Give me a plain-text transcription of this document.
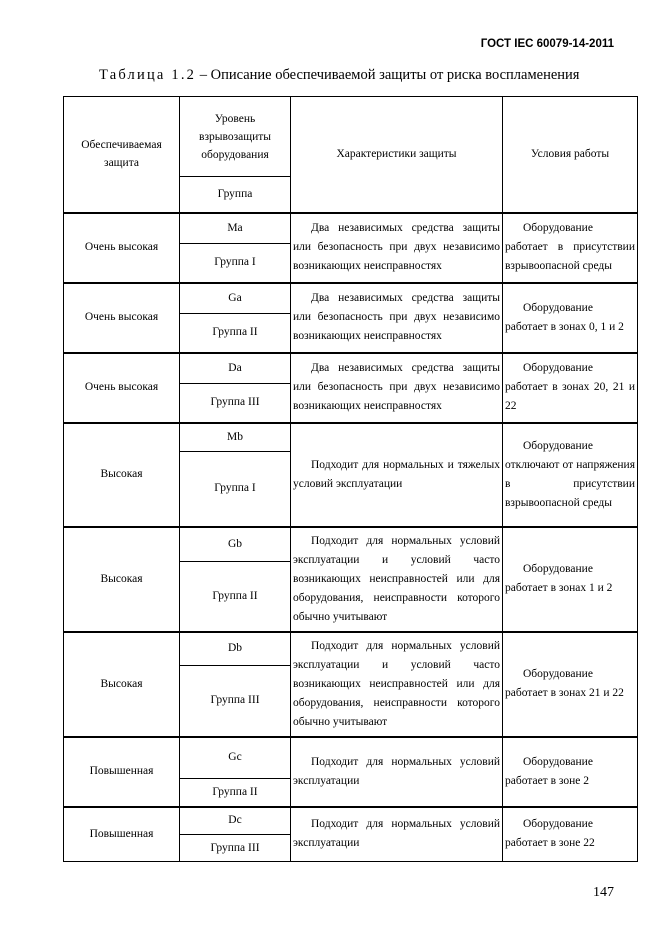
ГОСТ IEC 60079-14-2011
Таблица 1.2 – Описание обеспечиваемой защиты от риска воспламенения
Обеспечиваемая защита	Уровень взрывозащиты оборудования	Характеристики защиты	Условия работы
	Группа		
Очень высокая	Ma	Два независимых средства защиты или безопасность при двух независимо возникающих неисправностях	Оборудование работает в присутствии взрывоопасной среды
	Группа I		
Очень высокая	Ga	Два независимых средства защиты или безопасность при двух независимо возникающих неисправностях	Оборудование работает в зонах 0, 1 и 2
	Группа II		
Очень высокая	Da	Два независимых средства защиты или безопасность при двух независимо возникающих неисправностях	Оборудование работает в зонах 20, 21 и 22
	Группа III		
Высокая	Mb	Подходит для нормальных и тяжелых условий эксплуатации	Оборудование отключают от напряжения в присутствии взрывоопасной среды
	Группа I		
Высокая	Gb	Подходит для нормальных условий эксплуатации и условий часто возникающих неисправностей или для оборудования, неисправности которого обычно учитывают	Оборудование работает в зонах 1 и 2
	Группа II		
Высокая	Db	Подходит для нормальных условий эксплуатации и условий часто возникающих неисправностей или для оборудования, неисправности которого обычно учитывают	Оборудование работает в зонах 21 и 22
	Группа III		
Повышенная	Gc	Подходит для нормальных условий эксплуатации	Оборудование работает в зоне 2
	Группа II		
Повышенная	Dc	Подходит для нормальных условий эксплуатации	Оборудование работает в зоне 22
	Группа III		
147
